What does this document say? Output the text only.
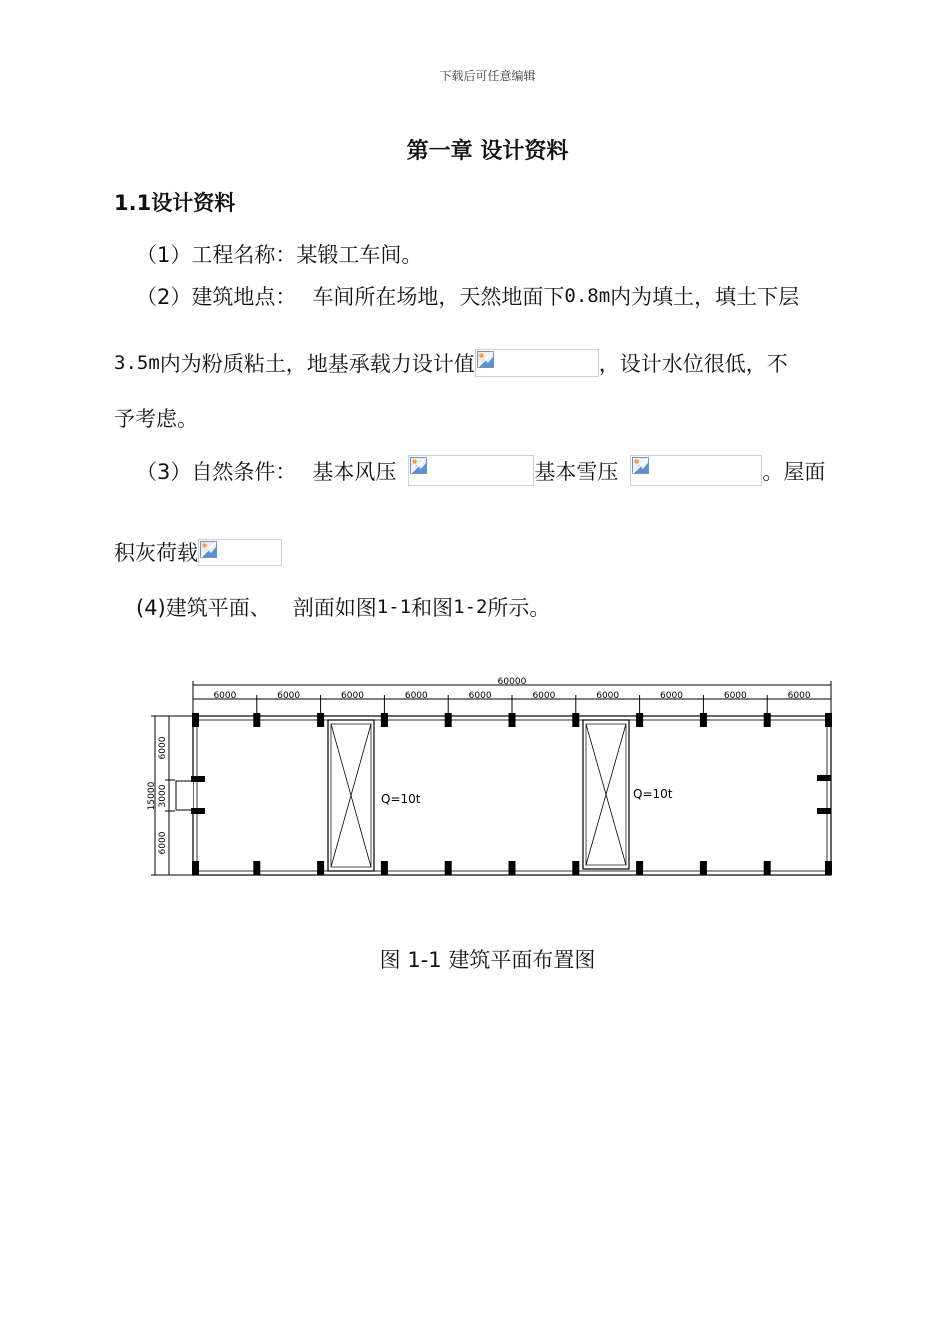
下载后可任意编辑
第一章 设计资料
1.1设计资料
（1）工程名称：某锻工车间。
（2）建筑地点： 车间所在场地，天然地面下0.8m内为填土，填土下层
3.5m内为粉质粘土，地基承载力设计值	，设计水位很低，不
予考虑。
（3）自然条件： 基本风压	基本雪压	。屋面
积灰荷载
(4)建筑平面、 剖面如图1-1和图1-2所示。
60000
6000	6000	6000	6000	6000	6000	6000	6000	6000	6000
15000
6000
3000
6000
Q=10t	Q=10t
图 1-1 建筑平面布置图
